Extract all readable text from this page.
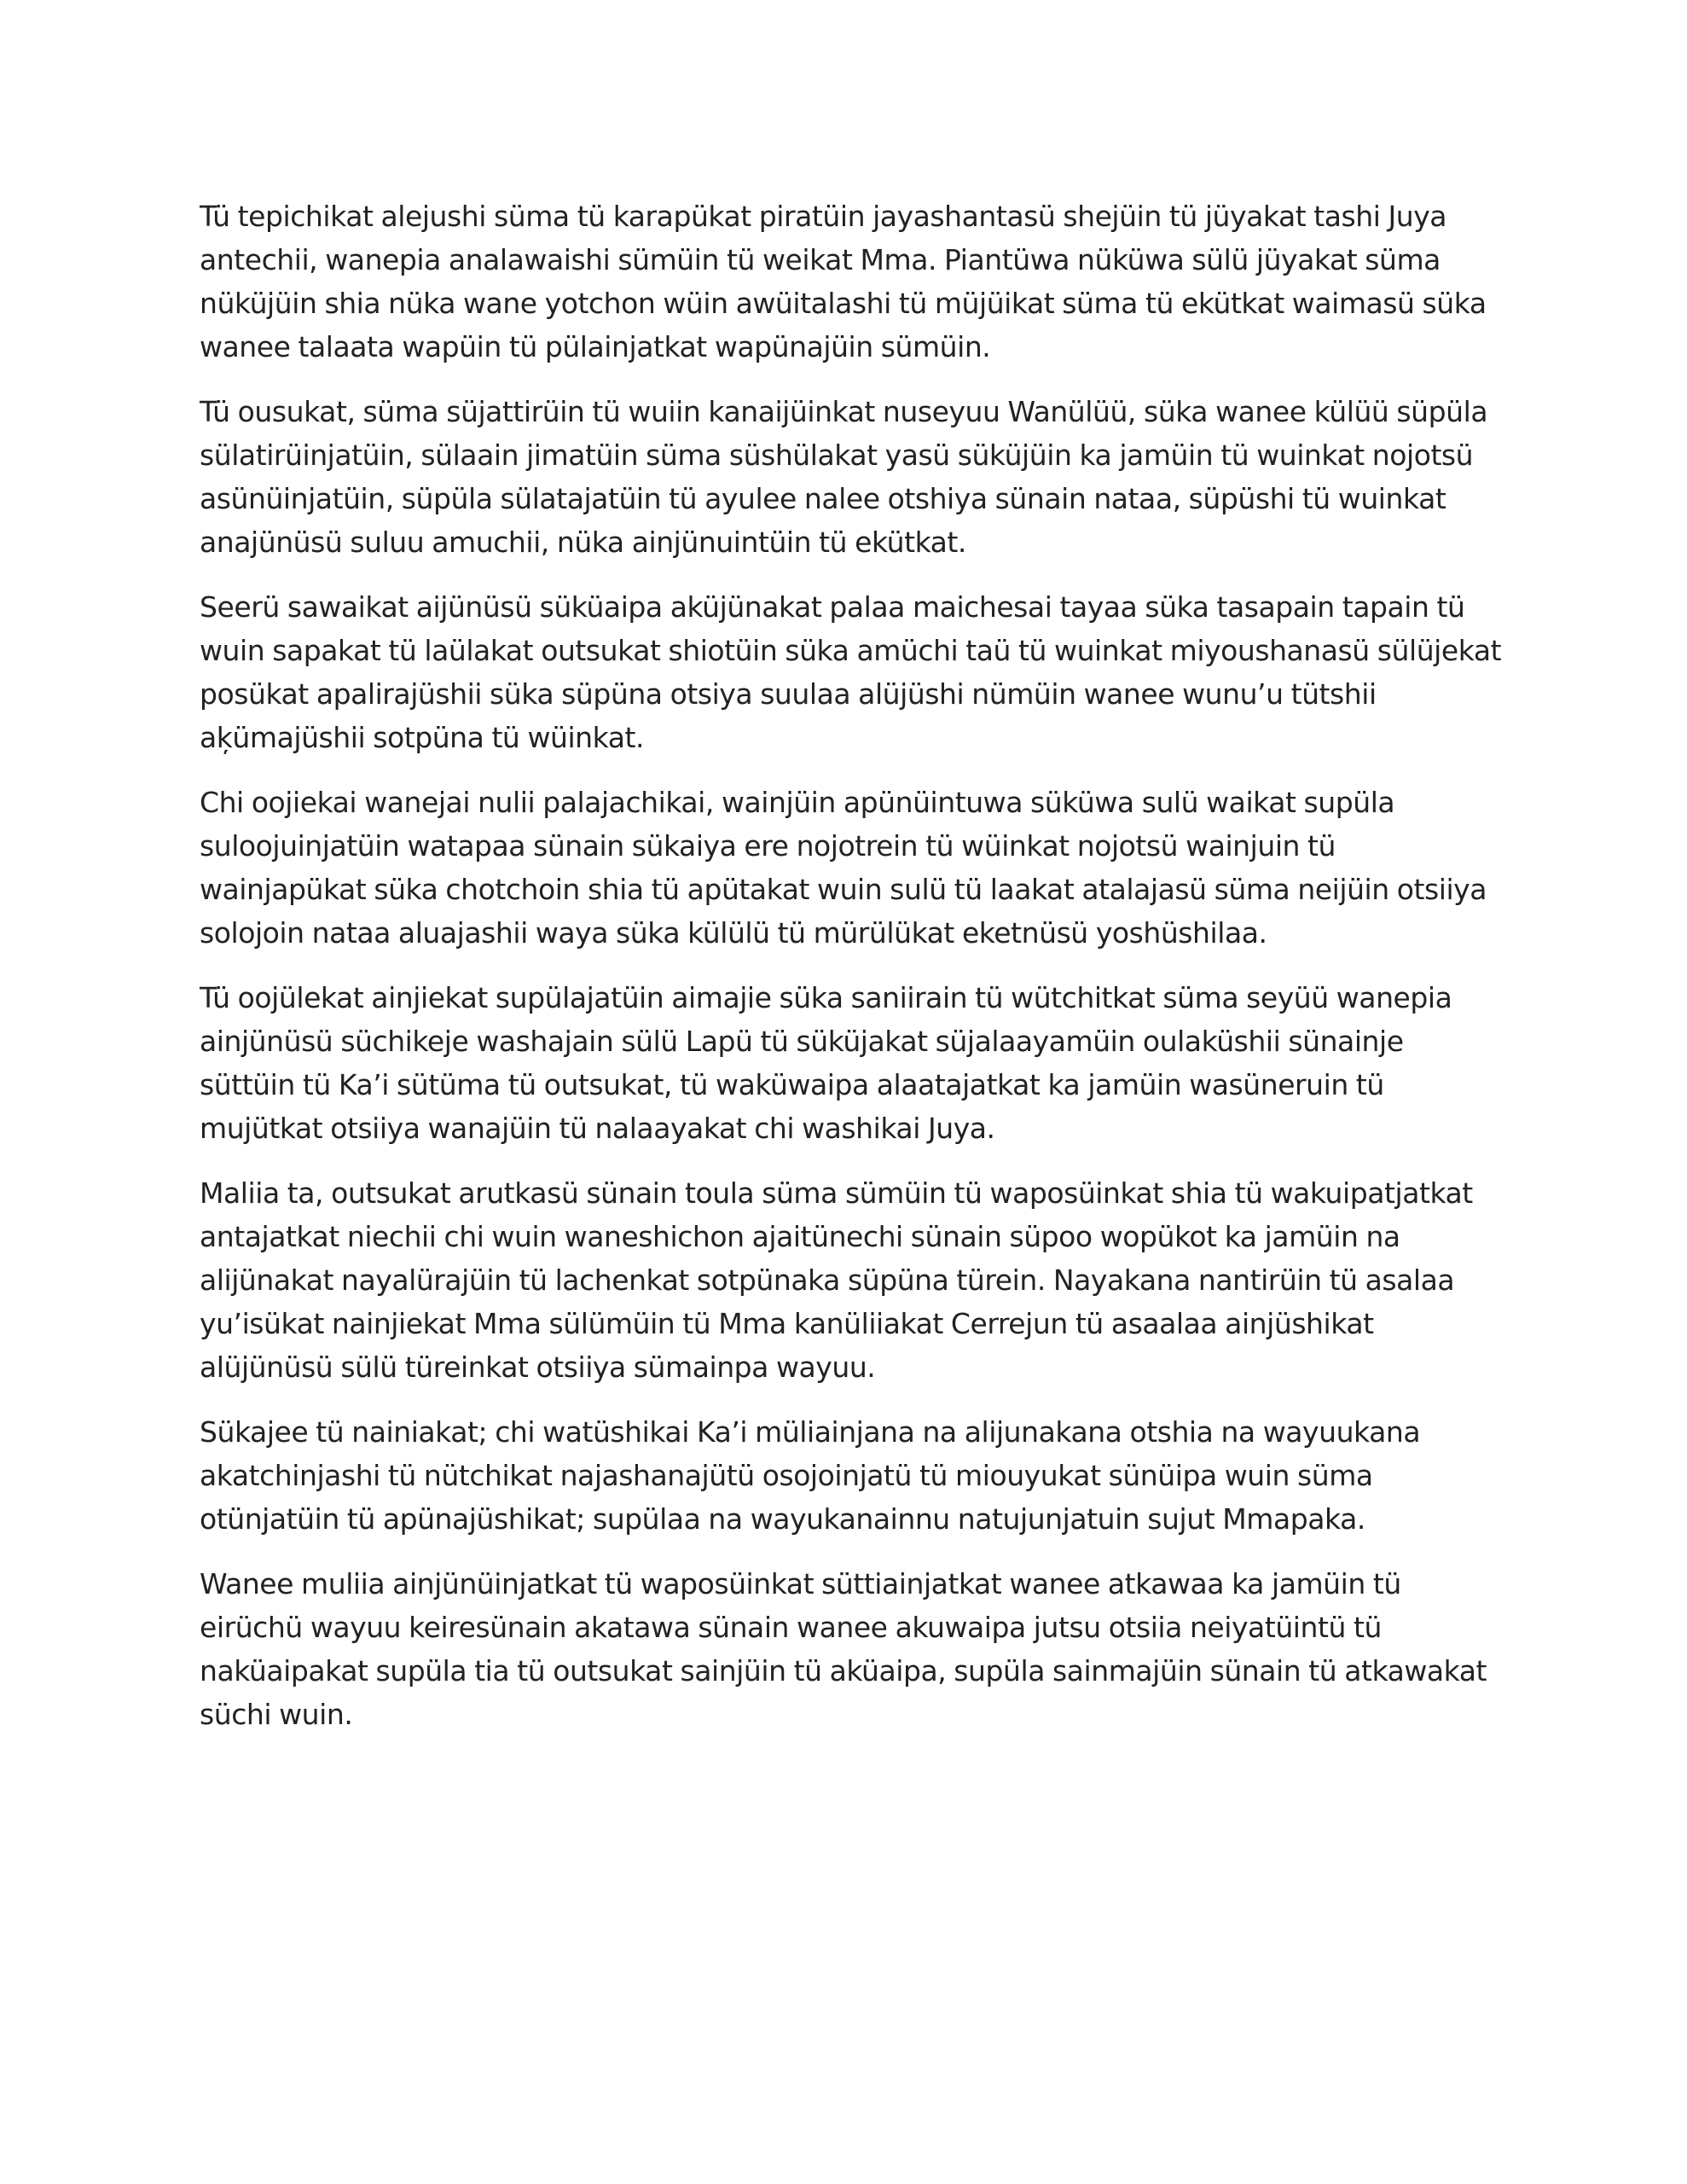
Tü tepichikat alejushi süma tü karapükat piratüin jayashantasü shejüin tü jüyakat tashi Juya antechii, wanepia analawaishi sümüin tü weikat Mma. Piantüwa nüküwa sülü jüyakat süma nüküjüin shia nüka wane yotchon wüin awüitalashi tü müjüikat süma tü ekütkat waimasü süka wanee talaata wapüin tü pülainjatkat wapünajüin sümüin.

Tü ousukat, süma süjattirüin tü wuiin kanaijüinkat nuseyuu Wanülüü, süka wanee külüü süpüla sülatirüinjatüin, sülaain jimatüin süma süshülakat yasü süküjüin ka jamüin tü wuinkat nojotsü asünüinjatüin, süpüla sülatajatüin tü ayulee nalee otshiya sünain nataa, süpüshi tü wuinkat anajünüsü suluu amuchii, nüka ainjünuintüin tü ekütkat.

Seerü sawaikat aijünüsü süküaipa aküjünakat palaa maichesai tayaa süka tasapain tapain tü wuin sapakat tü laülakat outsukat shiotüin süka amüchi taü tü wuinkat miyoushanasü sülüjekat posükat apalirajüshii süka süpüna otsiya suulaa alüjüshi nümüin wanee wunu’u tütshii aķümajüshii sotpüna tü wüinkat.

Chi oojiekai wanejai nulii palajachikai, wainjüin apünüintuwa süküwa sulü waikat supüla suloojuinjatüin watapaa sünain sükaiya ere nojotrein tü wüinkat nojotsü wainjuin tü wainjapükat süka chotchoin shia tü apütakat wuin sulü tü laakat atalajasü süma neijüin otsiiya solojoin nataa aluajashii waya süka külülü tü mürülükat eketnüsü yoshüshilaa.

Tü oojülekat ainjiekat supülajatüin aimajie süka saniirain tü wütchitkat süma seyüü wanepia ainjünüsü süchikeje washajain sülü Lapü tü süküjakat süjalaayamüin oulaküshii sünainje süttüin tü Ka’i sütüma tü outsukat, tü waküwaipa alaatajatkat ka jamüin wasüneruin tü mujütkat otsiiya wanajüin tü nalaayakat chi washikai Juya.

Maliia ta, outsukat arutkasü sünain toula süma sümüin tü waposüinkat shia tü wakuipatjatkat antajatkat niechii chi wuin waneshichon ajaitünechi sünain süpoo wopükot ka jamüin na alijünakat nayalürajüin tü lachenkat sotpünaka süpüna türein. Nayakana nantirüin tü asalaa yu’isükat nainjiekat Mma sülümüin tü Mma kanüliiakat Cerrejun tü asaalaa ainjüshikat alüjünüsü sülü türeinkat otsiiya sümainpa wayuu.

Sükajee tü nainiakat; chi watüshikai Ka’i müliainjana na alijunakana otshia na wayuukana akatchinjashi tü nütchikat najashanajütü osojoinjatü tü miouyukat sünüipa wuin süma otünjatüin tü apünajüshikat; supülaa na wayukanainnu natujunjatuin sujut Mmapaka.

Wanee muliia ainjünüinjatkat tü waposüinkat süttiainjatkat wanee atkawaa ka jamüin tü eirüchü wayuu keiresünain akatawa sünain wanee akuwaipa jutsu otsiia neiyatüintü tü naküaipakat supüla tia tü outsukat sainjüin tü aküaipa, supüla sainmajüin sünain tü atkawakat süchi wuin.
